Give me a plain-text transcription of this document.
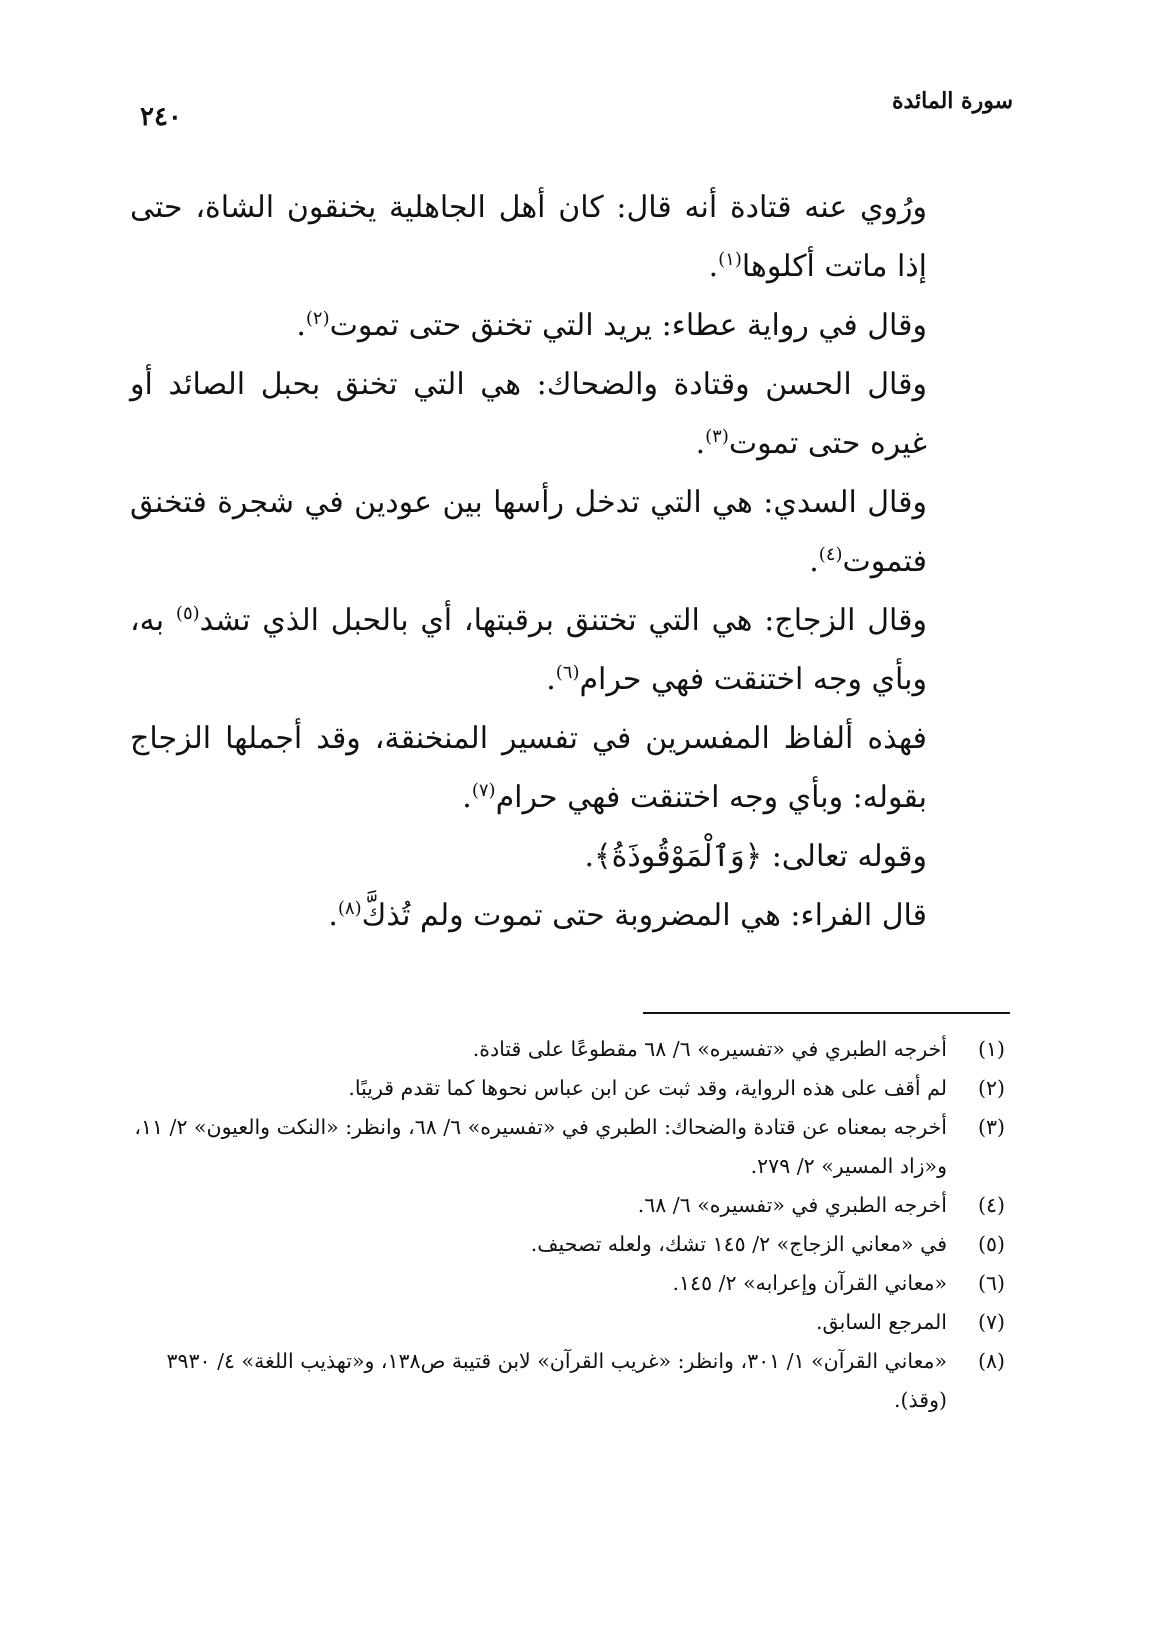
سورة المائدة
٢٤٠

ورُوي عنه قتادة أنه قال: كان أهل الجاهلية يخنقون الشاة، حتى إذا ماتت أكلوها$^{(١)}$.

وقال في رواية عطاء: يريد التي تخنق حتى تموت$^{(٢)}$.

وقال الحسن وقتادة والضحاك: هي التي تخنق بحبل الصائد أو غيره حتى تموت$^{(٣)}$.

وقال السدي: هي التي تدخل رأسها بين عودين في شجرة فتخنق فتموت$^{(٤)}$.

وقال الزجاج: هي التي تختنق برقبتها، أي بالحبل الذي تشد$^{(٥)}$ به، وبأي وجه اختنقت فهي حرام$^{(٦)}$.

فهذه ألفاظ المفسرين في تفسير المنخنقة، وقد أجملها الزجاج بقوله: وبأي وجه اختنقت فهي حرام$^{(٧)}$.

وقوله تعالى: ﴿وَٱلْمَوْقُوذَةُ﴾.

قال الفراء: هي المضروبة حتى تموت ولم تُذكَّ$^{(٨)}$.

(١)
أخرجه الطبري في «تفسيره» ٦/ ٦٨ مقطوعًا على قتادة.
(٢)
لم أقف على هذه الرواية، وقد ثبت عن ابن عباس نحوها كما تقدم قريبًا.
(٣)
أخرجه بمعناه عن قتادة والضحاك: الطبري في «تفسيره» ٦/ ٦٨، وانظر: «النكت والعيون» ٢/ ١١، و«زاد المسير» ٢/ ٢٧٩.
(٤)
أخرجه الطبري في «تفسيره» ٦/ ٦٨.
(٥)
في «معاني الزجاج» ٢/ ١٤٥ تشك، ولعله تصحيف.
(٦)
«معاني القرآن وإعرابه» ٢/ ١٤٥.
(٧)
المرجع السابق.
(٨)
«معاني القرآن» ١/ ٣٠١، وانظر: «غريب القرآن» لابن قتيبة ص١٣٨، و«تهذيب اللغة» ٤/ ٣٩٣٠ (وقذ).
